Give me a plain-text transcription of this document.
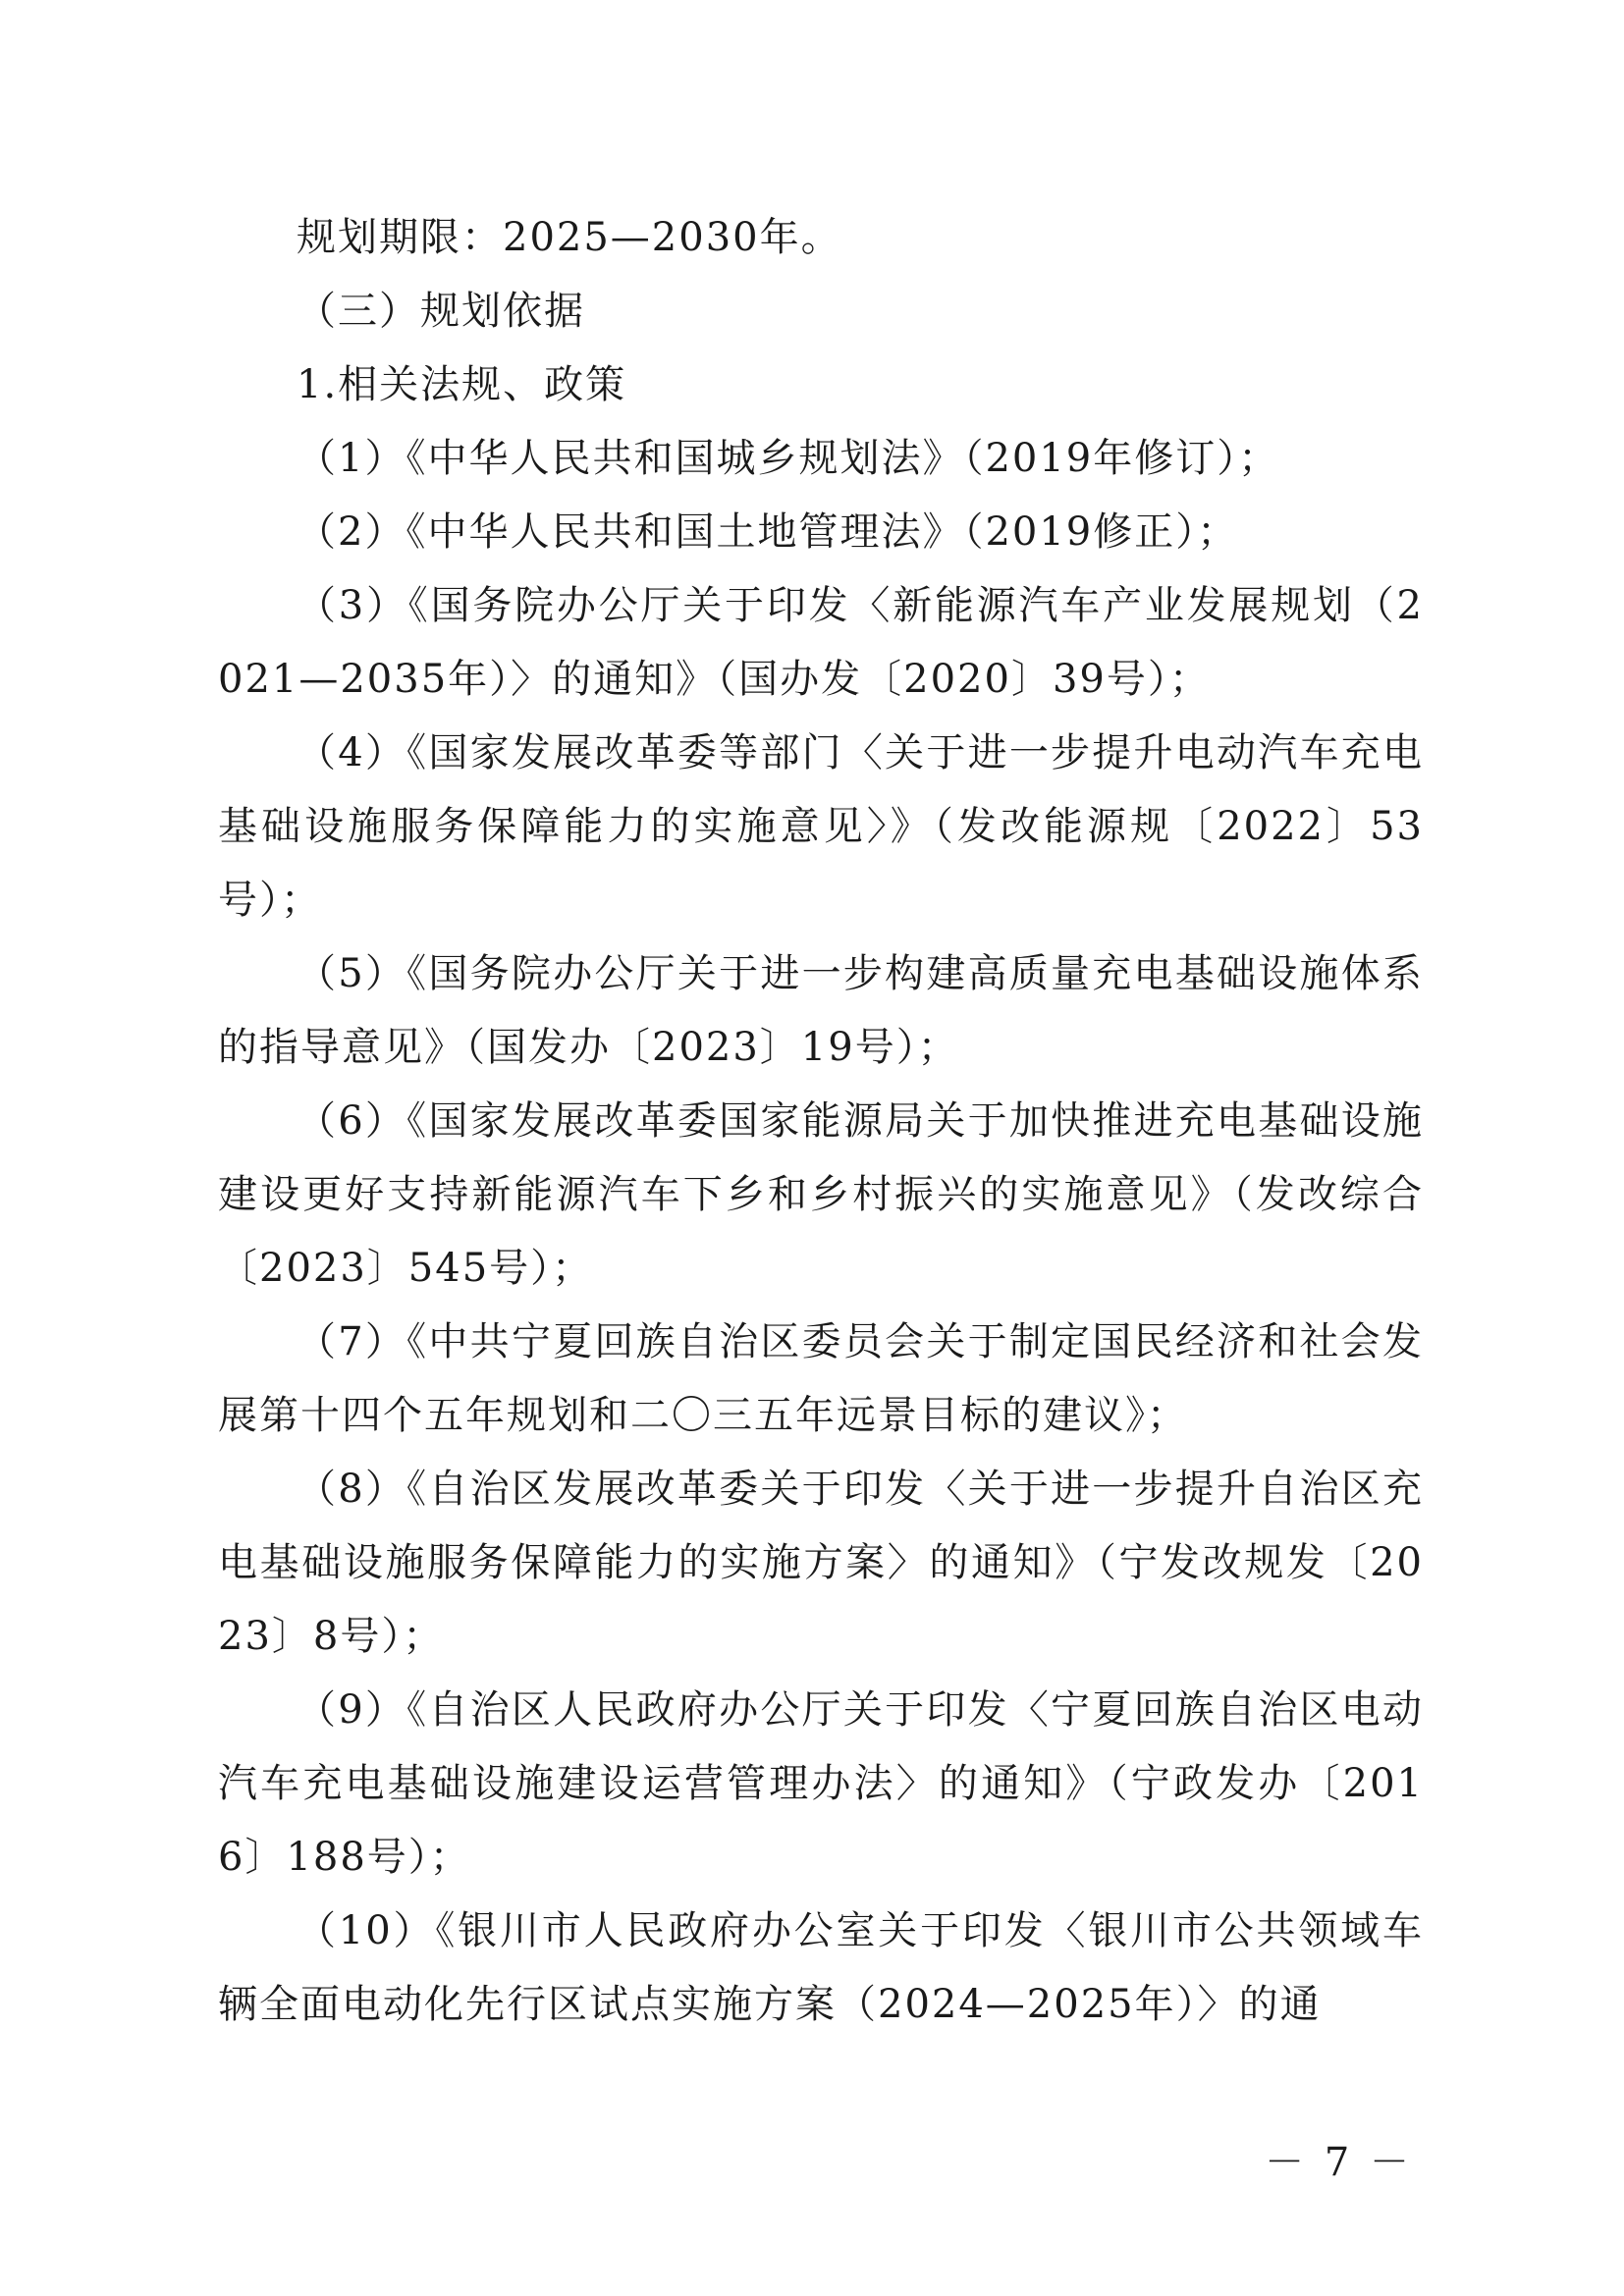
规划期限：2025—2030年。

（三）规划依据

1.相关法规、政策

（1）《中华人民共和国城乡规划法》（2019年修订）；

（2）《中华人民共和国土地管理法》（2019修正）；

（3）《国务院办公厅关于印发〈新能源汽车产业发展规划（2021—2035年）〉的通知》（国办发〔2020〕39号）；

（4）《国家发展改革委等部门〈关于进一步提升电动汽车充电基础设施服务保障能力的实施意见〉》（发改能源规〔2022〕53号）；

（5）《国务院办公厅关于进一步构建高质量充电基础设施体系的指导意见》（国发办〔2023〕19号）；

（6）《国家发展改革委国家能源局关于加快推进充电基础设施建设更好支持新能源汽车下乡和乡村振兴的实施意见》（发改综合〔2023〕545号）；

（7）《中共宁夏回族自治区委员会关于制定国民经济和社会发展第十四个五年规划和二〇三五年远景目标的建议》；

（8）《自治区发展改革委关于印发〈关于进一步提升自治区充电基础设施服务保障能力的实施方案〉的通知》（宁发改规发〔2023〕8号）；

（9）《自治区人民政府办公厅关于印发〈宁夏回族自治区电动汽车充电基础设施建设运营管理办法〉的通知》（宁政发办〔2016〕188号）；

（10）《银川市人民政府办公室关于印发〈银川市公共领域车辆全面电动化先行区试点实施方案（2024—2025年）〉的通

－ 7 －
